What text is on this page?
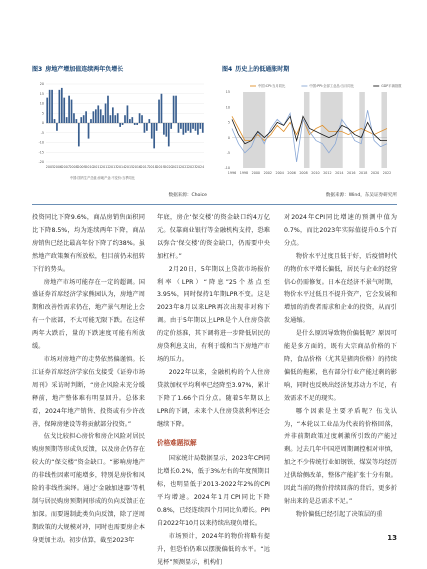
图3 房地产增加值连续两年负增长
20
15
10
5
0
-5
-10
-15
-20
2005 2006 2007 2008 2009 2010 2011 2012 2013 2014 2015 2016 2017 2018 2019 2020 2021 2022 2023 2024
中国:国内生产总值:房地产业:不变价:当季同比
数据来源：Choice
图4 历史上的低通胀时期
15
10
5
0
-5
-10
1996 1998 2000 2002 2004 2006 2008 2010 2012 2014 2016 2018 2020 2022
中国:CPI:当月同比	中国:PPI:全部工业品:当月同比	GDP平减指数
数据来源：Wind，东吴证券研究所

投资同比下降9.6%，商品房销售面积同比下降8.5%，均为连续两年下降，商品房销售已经比最高年份下降了约38%。虽然地产政策频有所放松，但目前仍未扭转下行的势头。

房地产市场可能存在一定的超调。国盛证券首席经济学家熊园认为，房地产周期和改善性需求仍在，地产景气理论上会有一个底部，不太可能无限下跌。在这样两年大跌后，量的下跌速度可能有所放缓。

市场对房地产的走势依然偏谨慎。长江证券首席经济学家伍戈接受《证券市场周刊》采访时判断，“房企风险未充分缓释前，地产整体难有明显回升。总体来看，2024年地产销售、投资或有少许改善，保障房建设等将贡献部分投资。”

伍戈比较担心房价和房企风险对居民购房预期等形成负反馈，以及房企仍存在较大的“保交楼”资金缺口。“影响房地产的非线性因素可能增多，特别是房价和风险的非线性演绎。通过‘金融加速器’等机制与居民购房预期间形成的负向反馈正在加深。而要遏制此类负向反馈，除了逆周期政策的大规模对冲，同时也需要房企本身更加主动。初步估算，截至2023年

年底，房企‘保交楼’的资金缺口约4万亿元。仅靠商业银行等金融机构支持，恐难以弥合‘保交楼’的资金缺口，仍需要中央加杠杆。”

2月20日，5年期以上贷款市场报价利率（LPR）“降息”25个基点至3.95%，同时保持1年期LPR不变。这是2023年8月以来LPR再次出现非对称下调。由于5年期以上LPR是个人住房贷款的定价基准，其下调将进一步降低居民的房贷利息支出，有利于缓和当下房地产市场的压力。

2022年以来，金融机构的个人住房贷款加权平均利率已经降至3.97%，累计下降了1.66个百分点。随着5年期以上LPR的下调，未来个人住房贷款利率还会继续下降。

价格难题拟解

国家统计局数据显示，2023年CPI同比增长0.2%，低于3%左右的年度预期目标，也明显低于2013-2022年2%的CPI平均增速。2024年1月CPI同比下降0.8%，已经连续四个月同比负增长。PPI自2022年10月以来持续出现负增长。

市场预计，2024年的物价将略有提升，但恐怕仍难以摆脱偏低的水平。“远见杯”预测显示，机构们

对2024年CPI同比增速的预测中值为0.7%，而比2023年实际值提升0.5个百分点。

物价水平过度且低于好，后疫情时代的物价水平增长偏低，居民与企业的经营信心仍需修复。日本在经济不景气时期，物价水平过低且不提升资产，它会发展和增加的消费者需求和企业的投资，从而引发通缩。

是什么原因导致物价偏低呢？原因可能是多方面的，既有大宗商品价格的下降，食品价格（尤其是猪肉价格）的持续偏低的拖累，也有部分行业产能过剩的影响，同时也反映出经济复苏动力不足，有效需求不足的现实。

哪个因素是主要矛盾呢？伍戈认为，“本轮以工业品为代表的价格回落，并非前期政策过度刺激所引致的产能过剩。过去几年中国逆周期调控相对审慎，加之不少传统行业如钢铁、煤炭等均经历过供给侧改革，整体产能扩张十分有限。因此当前的物价持续回落的背后，更多折射出来的是总需求不足。”

物价偏低已经引起了决策层的重

13
